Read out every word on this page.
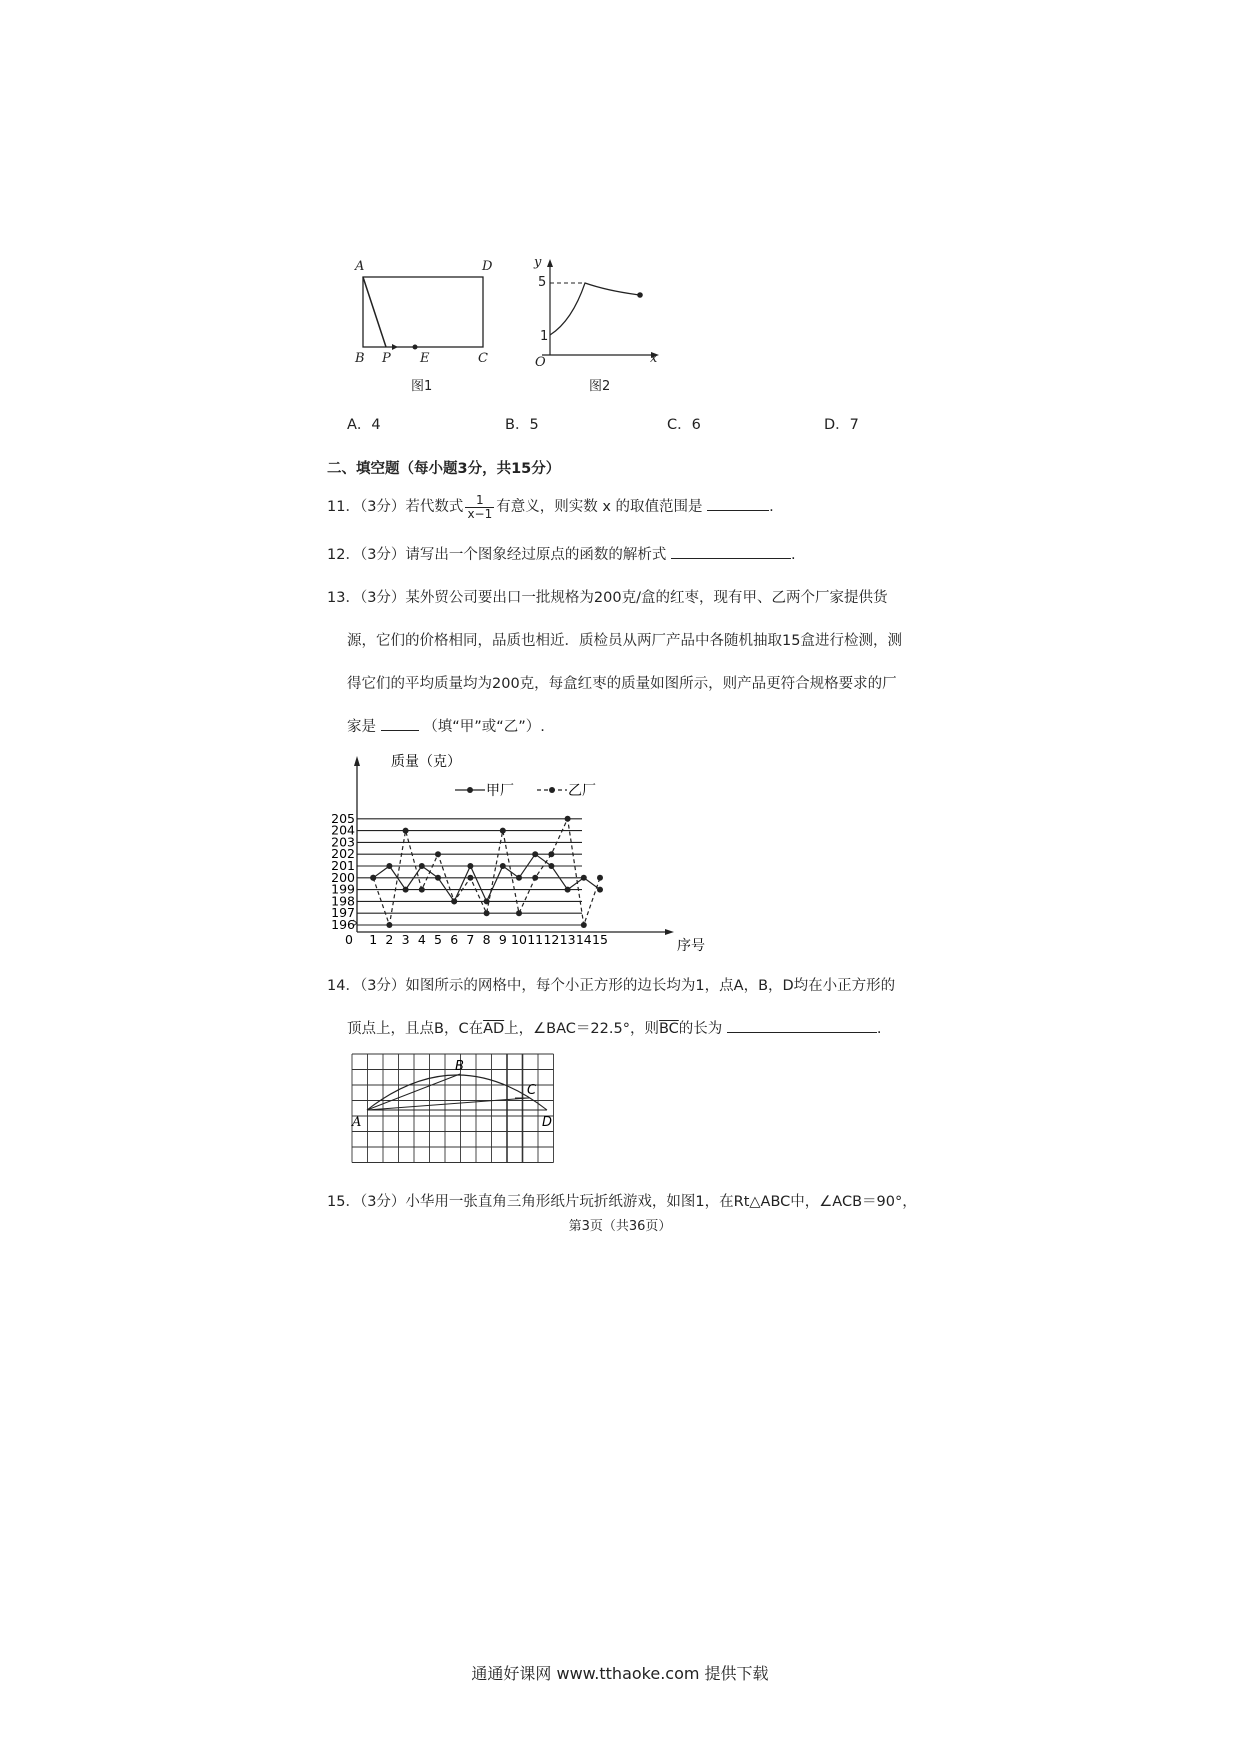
A	D
B P E	C
图1
y
x
O
5
1
图2
A．4	B．5	C．6	D．7
二、填空题（每小题3分，共15分）
11．（3分）若代数式 $\frac{1}{x-1}$ 有意义，则实数 x 的取值范围是	.
12．（3分）请写出一个图象经过原点的函数的解析式	.
13．（3分）某外贸公司要出口一批规格为200克/盒的红枣，现有甲、乙两个厂家提供货
源，它们的价格相同，品质也相近．质检员从两厂产品中各随机抽取15盒进行检测，测
得它们的平均质量均为200克，每盒红枣的质量如图所示，则产品更符合规格要求的厂
家是	（填“甲”或“乙”）.
质量（克）
序号
甲厂	乙厂
196
197
198
199
200
201
202
203
204
205
0 1 2 3 4 5 6 7 8 9 10 11 12 13 14 15
14．（3分）如图所示的网格中，每个小正方形的边长均为1，点A，B，D均在小正方形的
顶点上，且点B，C在$\overline{AD}$上，∠BAC＝22.5°，则$\overline{BC}$的长为	.
A
B
C
D
15．（3分）小华用一张直角三角形纸片玩折纸游戏，如图1，在Rt△ABC中，∠ACB＝90°，
第3页（共36页）
通通好课网 www.tthaoke.com 提供下载
